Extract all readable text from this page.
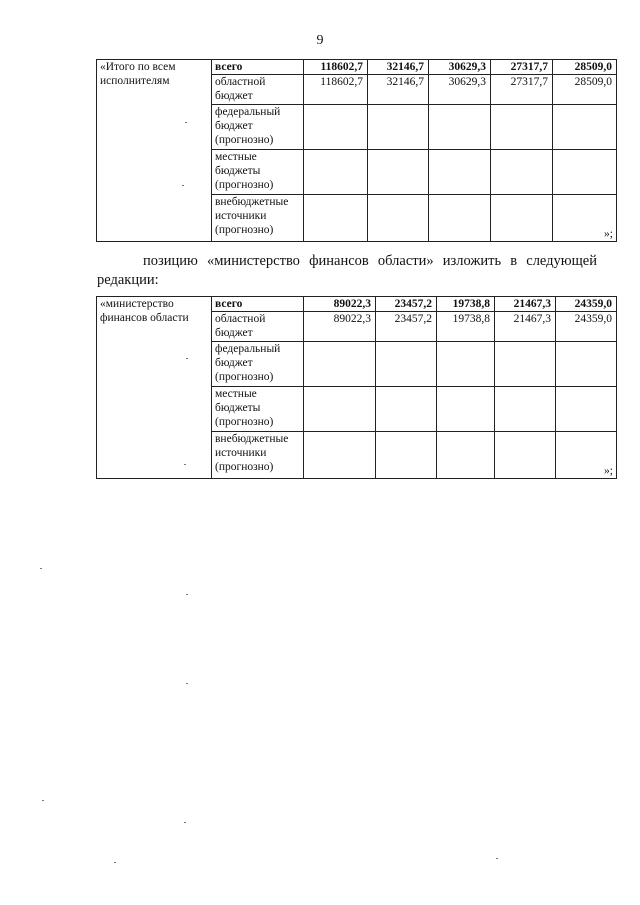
9
«Итого по всем исполнителям	всего	118602,7	32146,7	30629,3	27317,7	28509,0
	областной бюджет	118602,7	32146,7	30629,3	27317,7	28509,0
	федеральный бюджет (прогнозно)					
	местные бюджеты (прогнозно)					
	внебюджетные источники (прогнозно)					»;
позицию «министерство финансов области» изложить в следующей редакции:
«министерство финансов области	всего	89022,3	23457,2	19738,8	21467,3	24359,0
	областной бюджет	89022,3	23457,2	19738,8	21467,3	24359,0
	федеральный бюджет (прогнозно)					
	местные бюджеты (прогнозно)					
	внебюджетные источники (прогнозно)					»;
